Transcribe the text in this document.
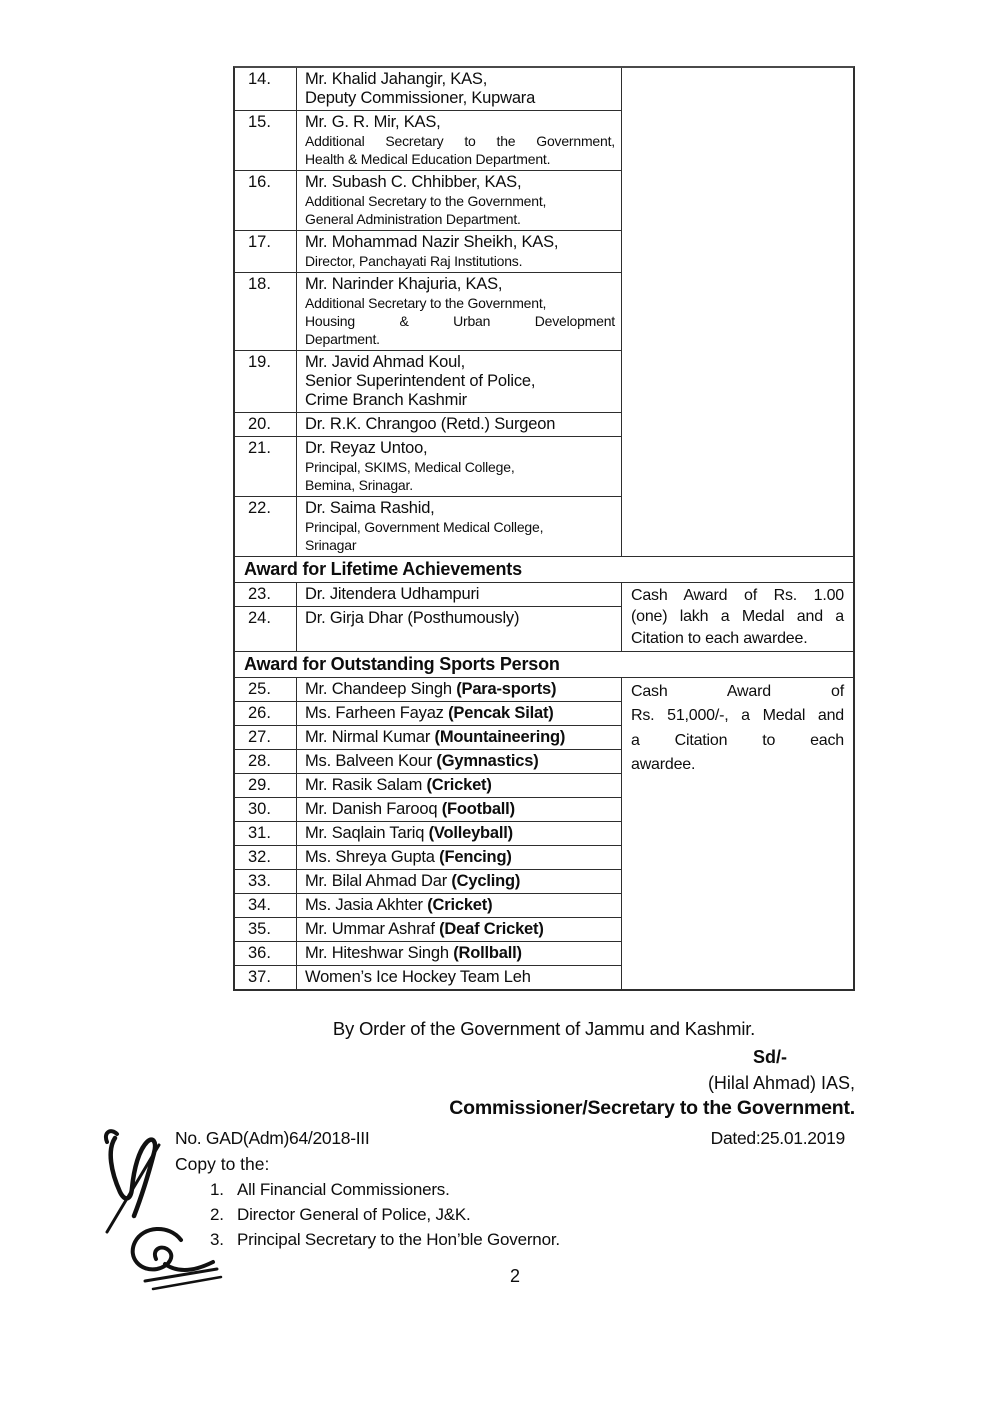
14.	Mr. Khalid Jahangir, KAS,
Deputy Commissioner, Kupwara
15.	Mr. G. R. Mir, KAS,
Additional Secretary to the Government,
Health & Medical Education Department.
16.	Mr. Subash C. Chhibber, KAS,
Additional Secretary to the Government,
General Administration Department.
17.	Mr. Mohammad Nazir Sheikh, KAS,
Director, Panchayati Raj Institutions.
18.	Mr. Narinder Khajuria, KAS,
Additional Secretary to the Government,
Housing & Urban Development
Department.
19.	Mr. Javid Ahmad Koul,
Senior Superintendent of Police,
Crime Branch Kashmir
20.	Dr. R.K. Chrangoo (Retd.) Surgeon
21.	Dr. Reyaz Untoo,
Principal, SKIMS, Medical College,
Bemina, Srinagar.
22.	Dr. Saima Rashid,
Principal, Government Medical College,
Srinagar
Award for Lifetime Achievements
23.	Dr. Jitendera Udhampuri
24.	Dr. Girja Dhar (Posthumously)
Cash Award of Rs. 1.00
(one) lakh a Medal and a
Citation to each awardee.
Award for Outstanding Sports Person
25.	Mr. Chandeep Singh (Para-sports)
26.	Ms. Farheen Fayaz (Pencak Silat)
27.	Mr. Nirmal Kumar (Mountaineering)
28.	Ms. Balveen Kour (Gymnastics)
29.	Mr. Rasik Salam (Cricket)
30.	Mr. Danish Farooq (Football)
31.	Mr. Saqlain Tariq (Volleyball)
32.	Ms. Shreya Gupta (Fencing)
33.	Mr. Bilal Ahmad Dar (Cycling)
34.	Ms. Jasia Akhter (Cricket)
35.	Mr. Ummar Ashraf (Deaf Cricket)
36.	Mr. Hiteshwar Singh (Rollball)
37.	Women’s Ice Hockey Team Leh
Cash Award of
Rs. 51,000/-, a Medal and
a Citation to each
awardee.
By Order of the Government of Jammu and Kashmir.
Sd/-
(Hilal Ahmad) IAS,
Commissioner/Secretary to the Government.
No. GAD(Adm)64/2018-III	Dated:25.01.2019
Copy to the:
1. All Financial Commissioners.
2. Director General of Police, J&K.
3. Principal Secretary to the Hon’ble Governor.
2
